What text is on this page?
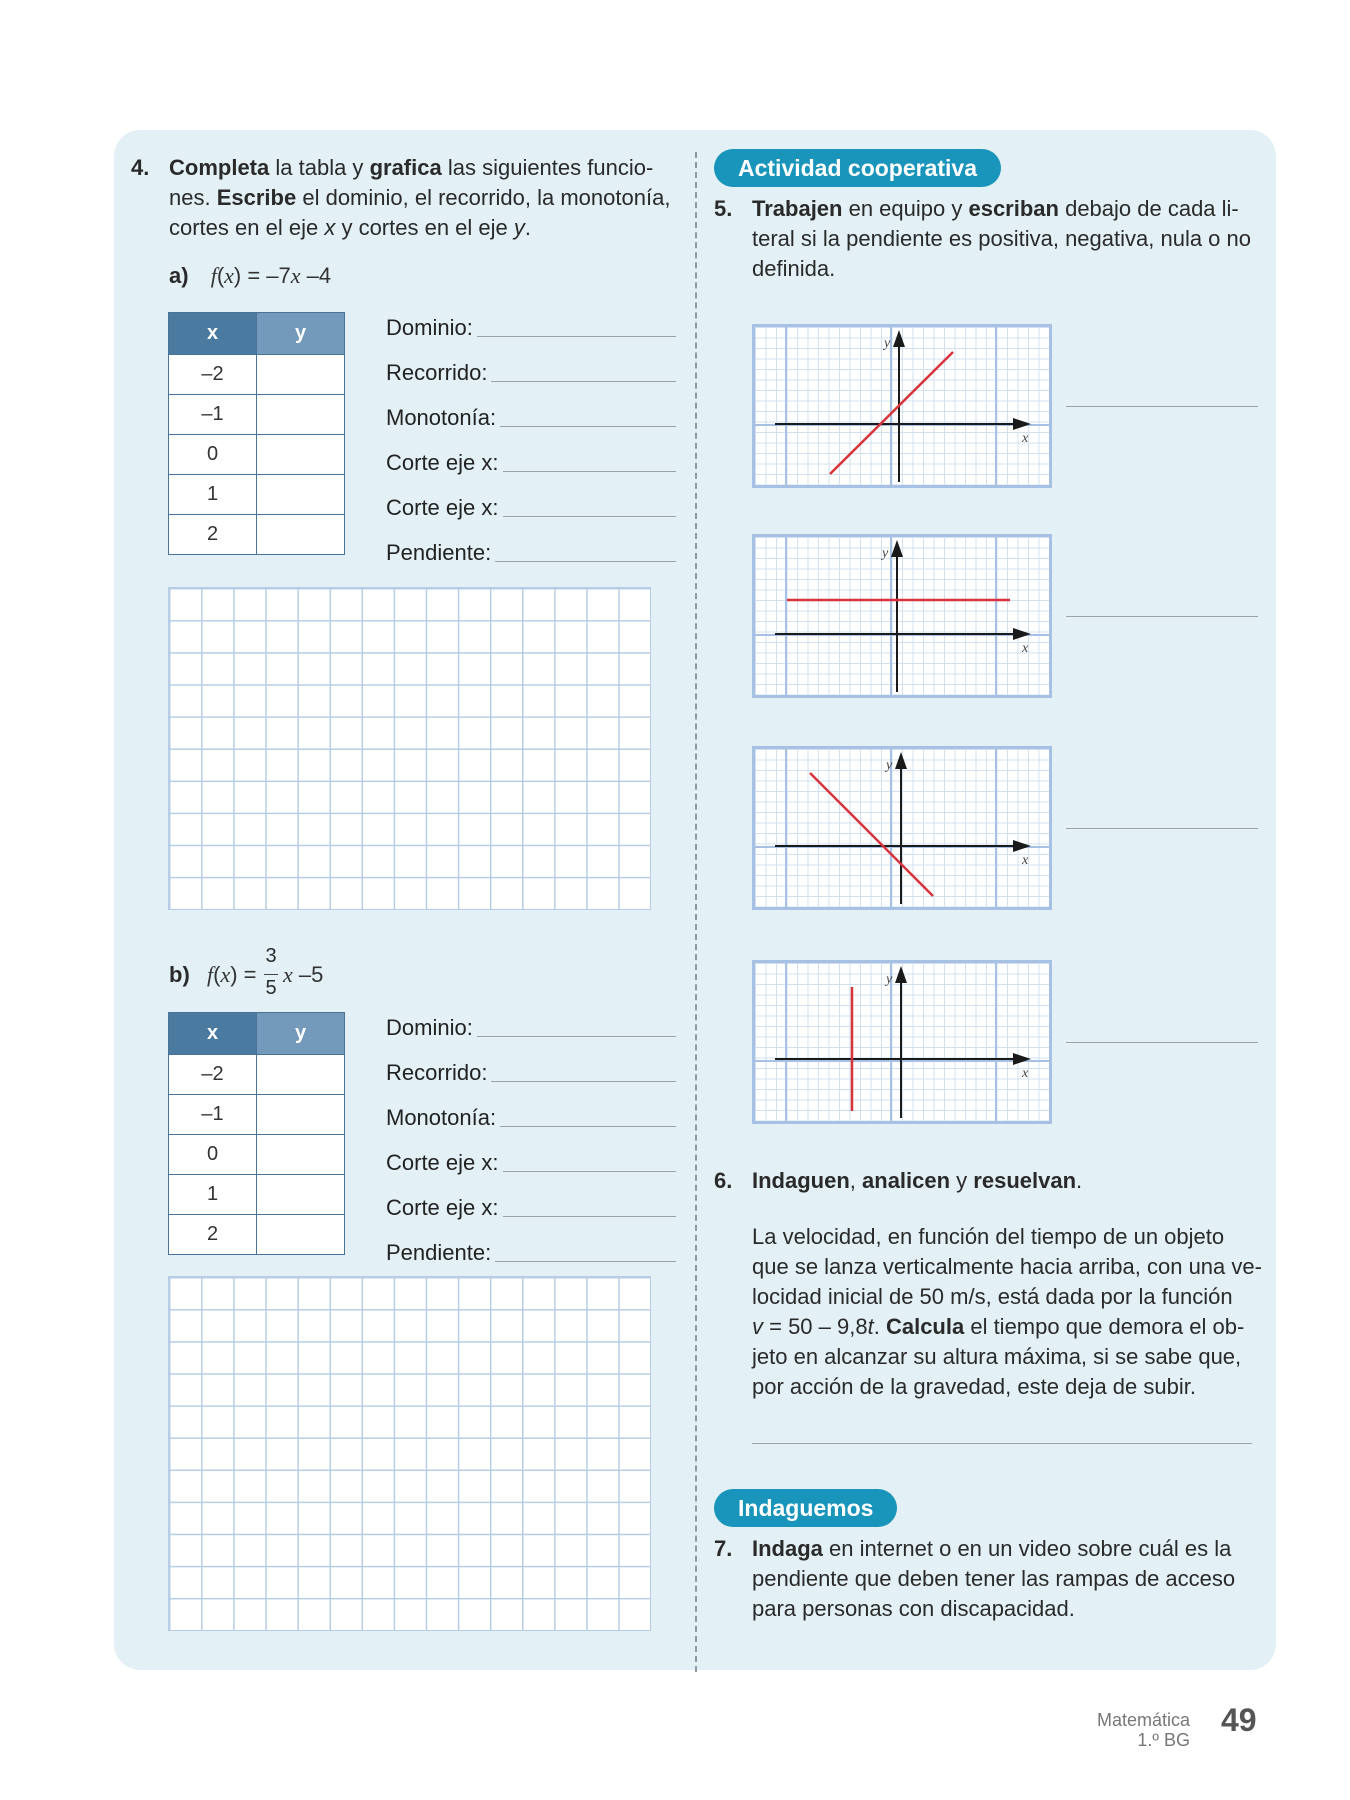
4. Completa la tabla y grafica las siguientes funcio-
nes. Escribe el dominio, el recorrido, la monotonía,
cortes en el eje x y cortes en el eje y.
a) f(x) = –7x –4
x	y
–2	
–1	
0	
1	
2	
Dominio:
Recorrido:
Monotonía:
Corte eje x:
Corte eje x:
Pendiente:
b) f(x) =
3
5
x –5
x	y
–2	
–1	
0	
1	
2	
Dominio:
Recorrido:
Monotonía:
Corte eje x:
Corte eje x:
Pendiente:
Actividad cooperativa
5. Trabajen en equipo y escriban debajo de cada li-
teral si la pendiente es positiva, negativa, nula o no
definida.
y
x
y
x
y
x
y
x
6. Indaguen, analicen y resuelvan.
La velocidad, en función del tiempo de un objeto
que se lanza verticalmente hacia arriba, con una ve-
locidad inicial de 50 m/s, está dada por la función
v = 50 – 9,8t. Calcula el tiempo que demora el ob-
jeto en alcanzar su altura máxima, si se sabe que,
por acción de la gravedad, este deja de subir.
Indaguemos
7. Indaga en internet o en un video sobre cuál es la
pendiente que deben tener las rampas de acceso
para personas con discapacidad.
Matemática
1.º BG
49
